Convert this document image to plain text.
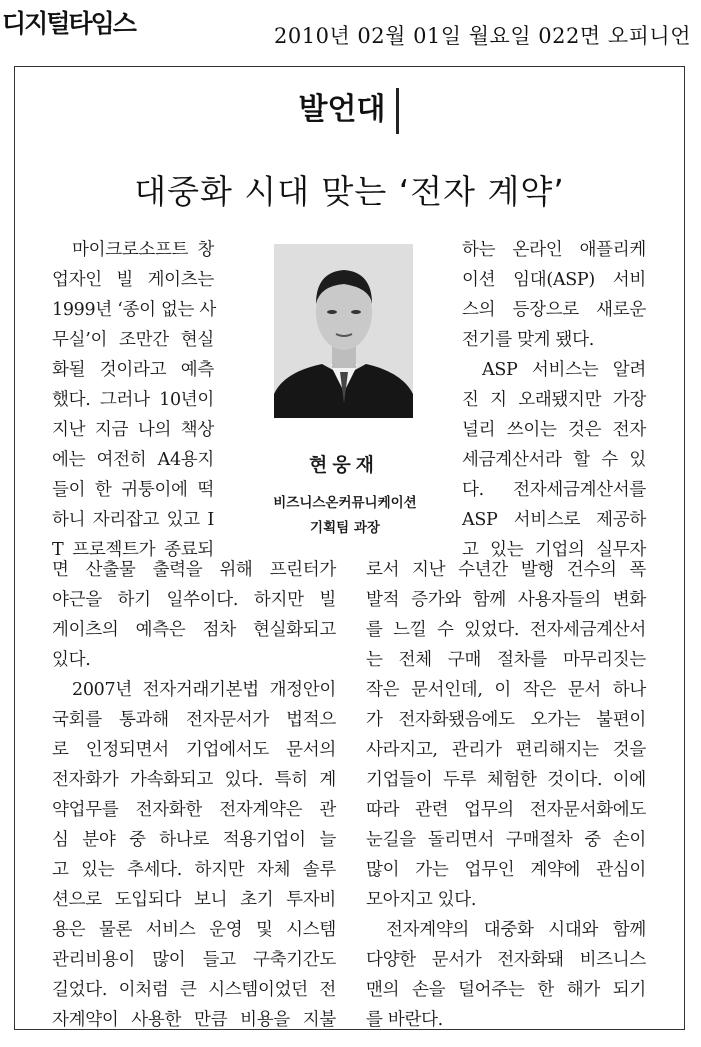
디지털타임스	2010년 02월 01일 월요일 022면 오피니언
발언대
대중화 시대 맞는 ‘전자 계약’
현웅재
비즈니스온커뮤니케이션
기획팀 과장
마이크로소프트 창
업자인 빌 게이츠는
1999년 ‘종이 없는 사
무실’이 조만간 현실
화될 것이라고 예측
했다. 그러나 10년이
지난 지금 나의 책상
에는 여전히 A4용지
들이 한 귀퉁이에 떡
하니 자리잡고 있고 I
T 프로젝트가 종료되
면 산출물 출력을 위해 프린터가
야근을 하기 일쑤이다. 하지만 빌
게이츠의 예측은 점차 현실화되고
있다.
2007년 전자거래기본법 개정안이
국회를 통과해 전자문서가 법적으
로 인정되면서 기업에서도 문서의
전자화가 가속화되고 있다. 특히 계
약업무를 전자화한 전자계약은 관
심 분야 중 하나로 적용기업이 늘
고 있는 추세다. 하지만 자체 솔루
션으로 도입되다 보니 초기 투자비
용은 물론 서비스 운영 및 시스템
관리비용이 많이 들고 구축기간도
길었다. 이처럼 큰 시스템이었던 전
자계약이 사용한 만큼 비용을 지불
하는 온라인 애플리케
이션 임대(ASP) 서비
스의 등장으로 새로운
전기를 맞게 됐다.
ASP 서비스는 알려
진 지 오래됐지만 가장
널리 쓰이는 것은 전자
세금계산서라 할 수 있
다. 전자세금계산서를
ASP 서비스로 제공하
고 있는 기업의 실무자
로서 지난 수년간 발행 건수의 폭
발적 증가와 함께 사용자들의 변화
를 느낄 수 있었다. 전자세금계산서
는 전체 구매 절차를 마무리짓는
작은 문서인데, 이 작은 문서 하나
가 전자화됐음에도 오가는 불편이
사라지고, 관리가 편리해지는 것을
기업들이 두루 체험한 것이다. 이에
따라 관련 업무의 전자문서화에도
눈길을 돌리면서 구매절차 중 손이
많이 가는 업무인 계약에 관심이
모아지고 있다.
전자계약의 대중화 시대와 함께
다양한 문서가 전자화돼 비즈니스
맨의 손을 덜어주는 한 해가 되기
를 바란다.
